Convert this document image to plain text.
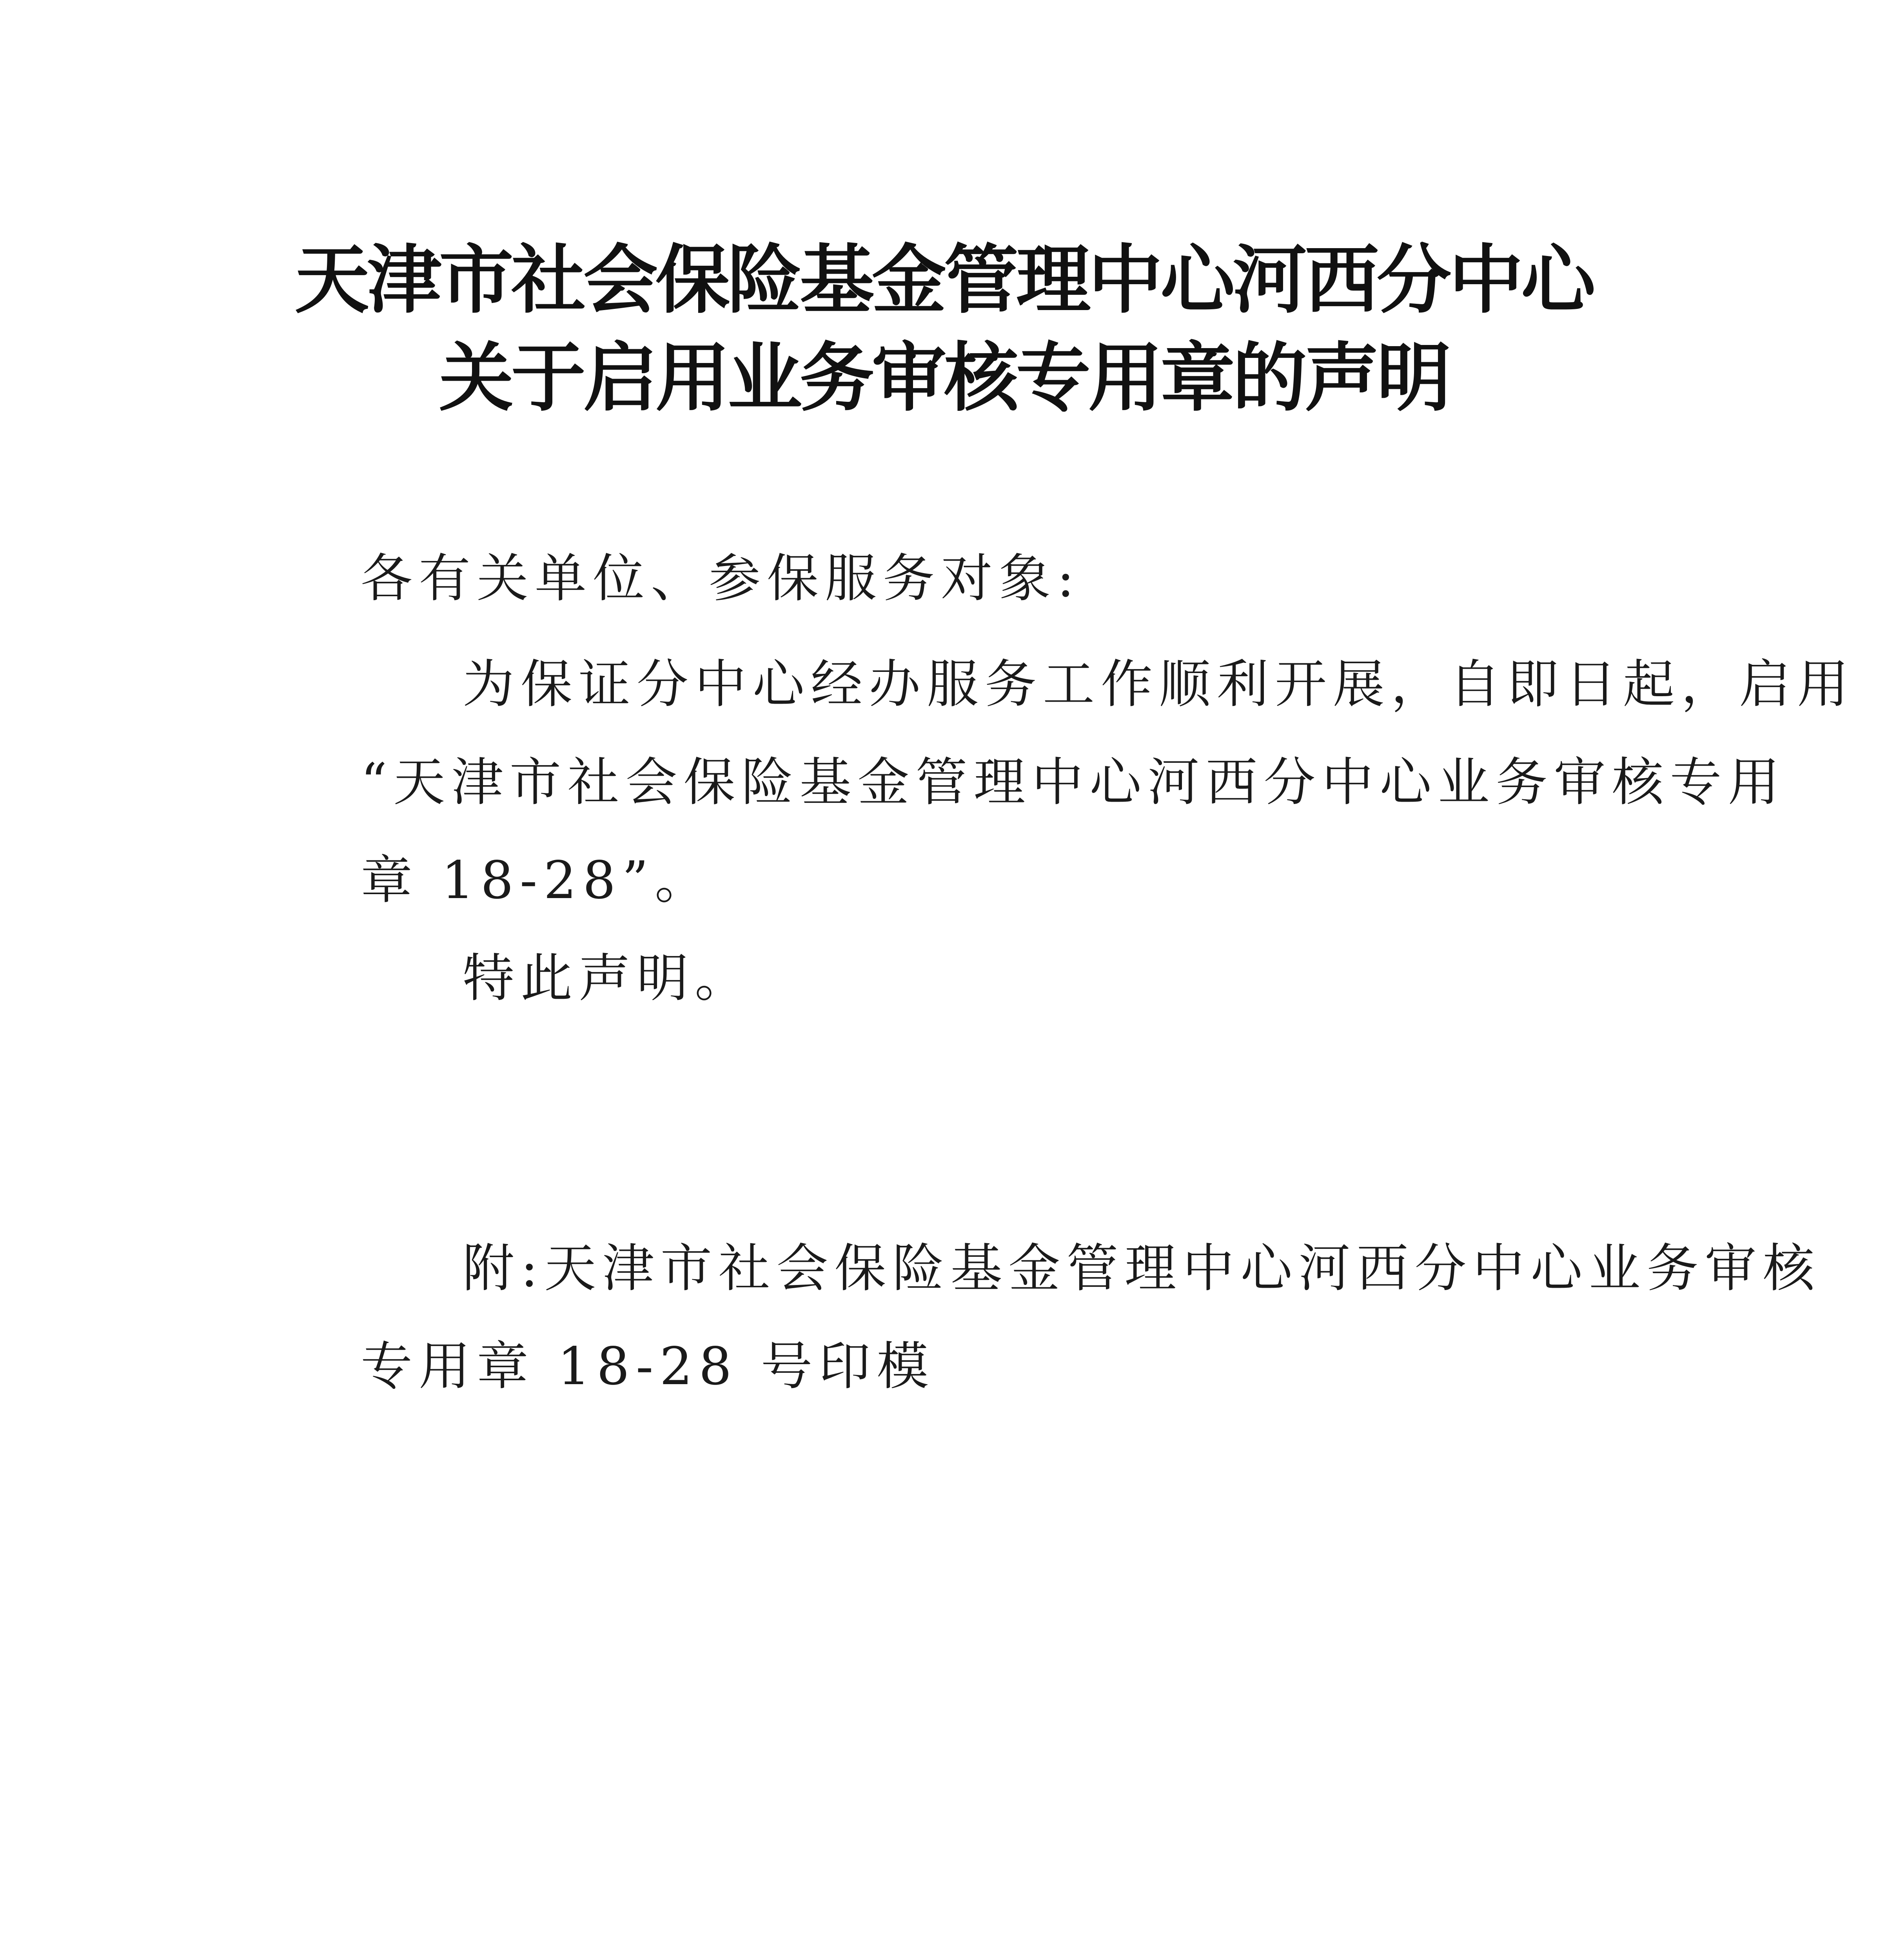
天津市社会保险基金管理中心河西分中心
关于启用业务审核专用章的声明
各有关单位、参保服务对象:
为保证分中心经办服务工作顺利开展，自即日起，启用
“天津市社会保险基金管理中心河西分中心业务审核专用
章 18-28”。
特此声明。
附:天津市社会保险基金管理中心河西分中心业务审核
专用章 18-28 号印模
